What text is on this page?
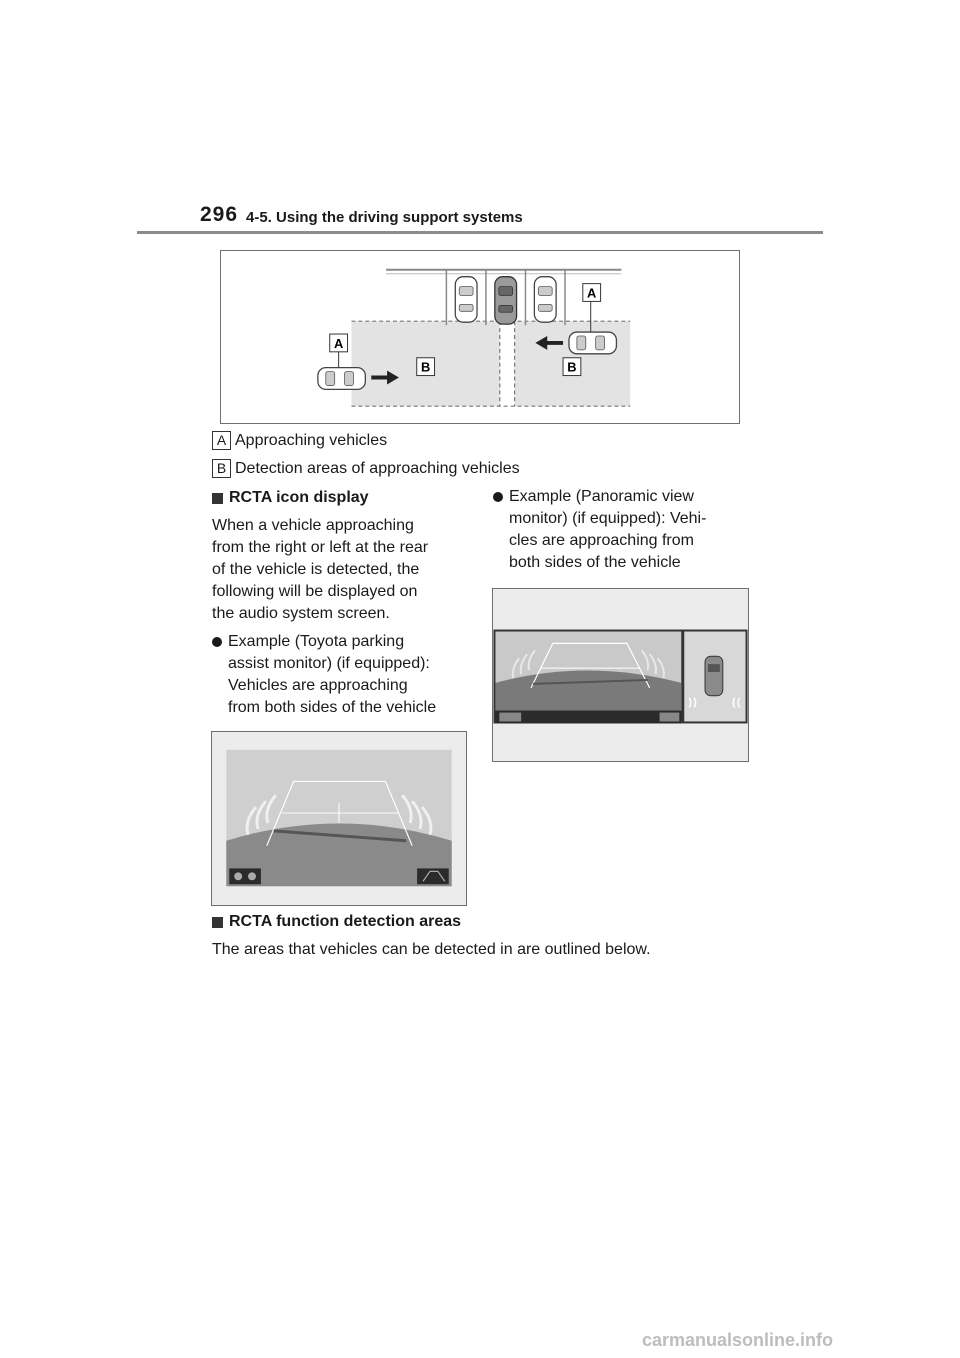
296 4-5. Using the driving support systems
A
A
B	B
A Approaching vehicles
B Detection areas of approaching vehicles
RCTA icon display
When a vehicle approaching
from the right or left at the rear
of the vehicle is detected, the
following will be displayed on
the audio system screen.
Example (Toyota parking
assist monitor) (if equipped):
Vehicles are approaching
from both sides of the vehicle
Example (Panoramic view
monitor) (if equipped): Vehi-
cles are approaching from
both sides of the vehicle
RCTA function detection areas
The areas that vehicles can be detected in are outlined below.
carmanualsonline.info
